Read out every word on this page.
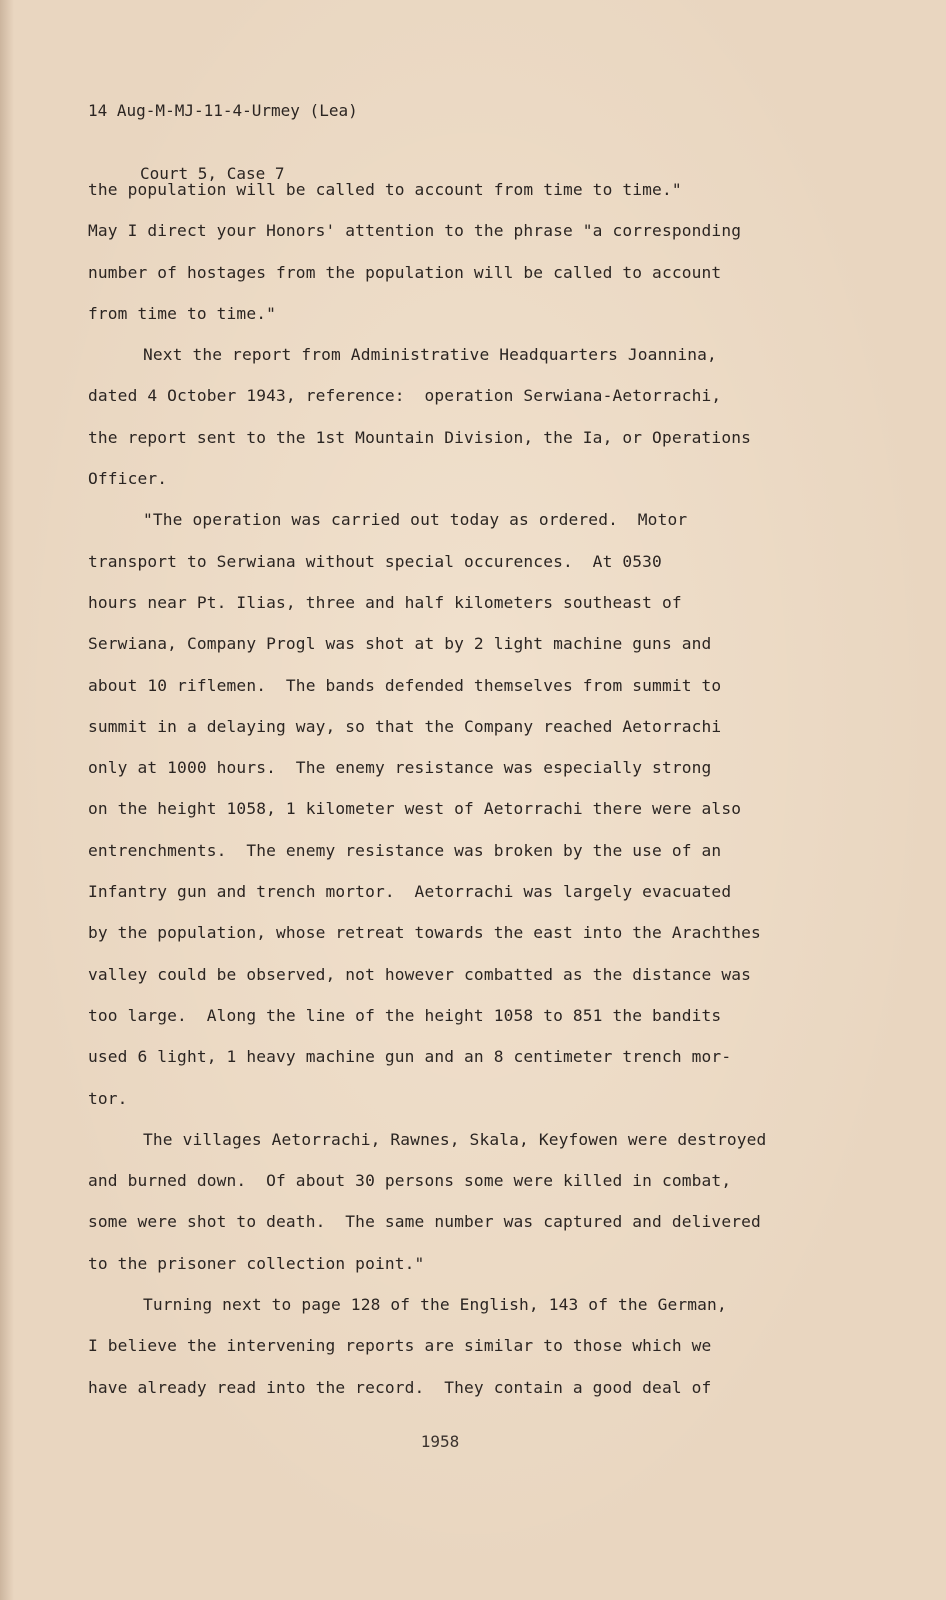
14 Aug-M-MJ-11-4-Urmey (Lea)

Court 5, Case 7

the population will be called to account from time to time."
May I direct your Honors' attention to the phrase "a corresponding
number of hostages from the population will be called to account
from time to time."
Next the report from Administrative Headquarters Joannina,
dated 4 October 1943, reference:  operation Serwiana-Aetorrachi,
the report sent to the 1st Mountain Division, the Ia, or Operations
Officer.
"The operation was carried out today as ordered.  Motor
transport to Serwiana without special occurences.  At 0530
hours near Pt. Ilias, three and half kilometers southeast of
Serwiana, Company Progl was shot at by 2 light machine guns and
about 10 riflemen.  The bands defended themselves from summit to
summit in a delaying way, so that the Company reached Aetorrachi
only at 1000 hours.  The enemy resistance was especially strong
on the height 1058, 1 kilometer west of Aetorrachi there were also
entrenchments.  The enemy resistance was broken by the use of an
Infantry gun and trench mortor.  Aetorrachi was largely evacuated
by the population, whose retreat towards the east into the Arachthes
valley could be observed, not however combatted as the distance was
too large.  Along the line of the height 1058 to 851 the bandits
used 6 light, 1 heavy machine gun and an 8 centimeter trench mor-
tor.
The villages Aetorrachi, Rawnes, Skala, Keyfowen were destroyed
and burned down.  Of about 30 persons some were killed in combat,
some were shot to death.  The same number was captured and delivered
to the prisoner collection point."
Turning next to page 128 of the English, 143 of the German,
I believe the intervening reports are similar to those which we
have already read into the record.  They contain a good deal of
1958
